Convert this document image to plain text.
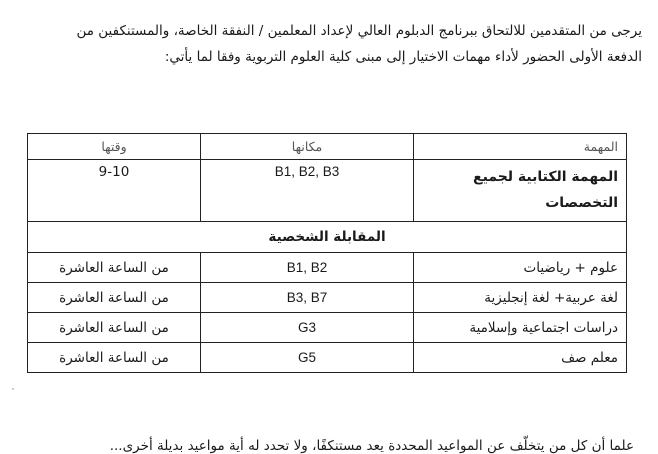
يرجى من المتقدمين للالتحاق ببرنامج الدبلوم العالي لإعداد المعلمين / النفقة الخاصة، والمستنكفين من

الدفعة الأولى الحضور لأداء مهمات الاختيار إلى مبنى كلية العلوم التربوية وفقا لما يأتي:

المهمة	مكانها	وقتها
المهمة الكتابية لجميع التخصصات	B1, B2, B3	9-10
المقابلة الشخصية		
علوم + رياضيات	B1, B2	من الساعة العاشرة
لغة عربية+ لغة إنجليزية	B3, B7	من الساعة العاشرة
دراسات اجتماعية وإسلامية	G3	من الساعة العاشرة
معلم صف	G5	من الساعة العاشرة

علما أن كل من يتخلّف عن المواعيد المحددة يعد مستنكفًا، ولا تحدد له أية مواعيد بديلة أخرى...
